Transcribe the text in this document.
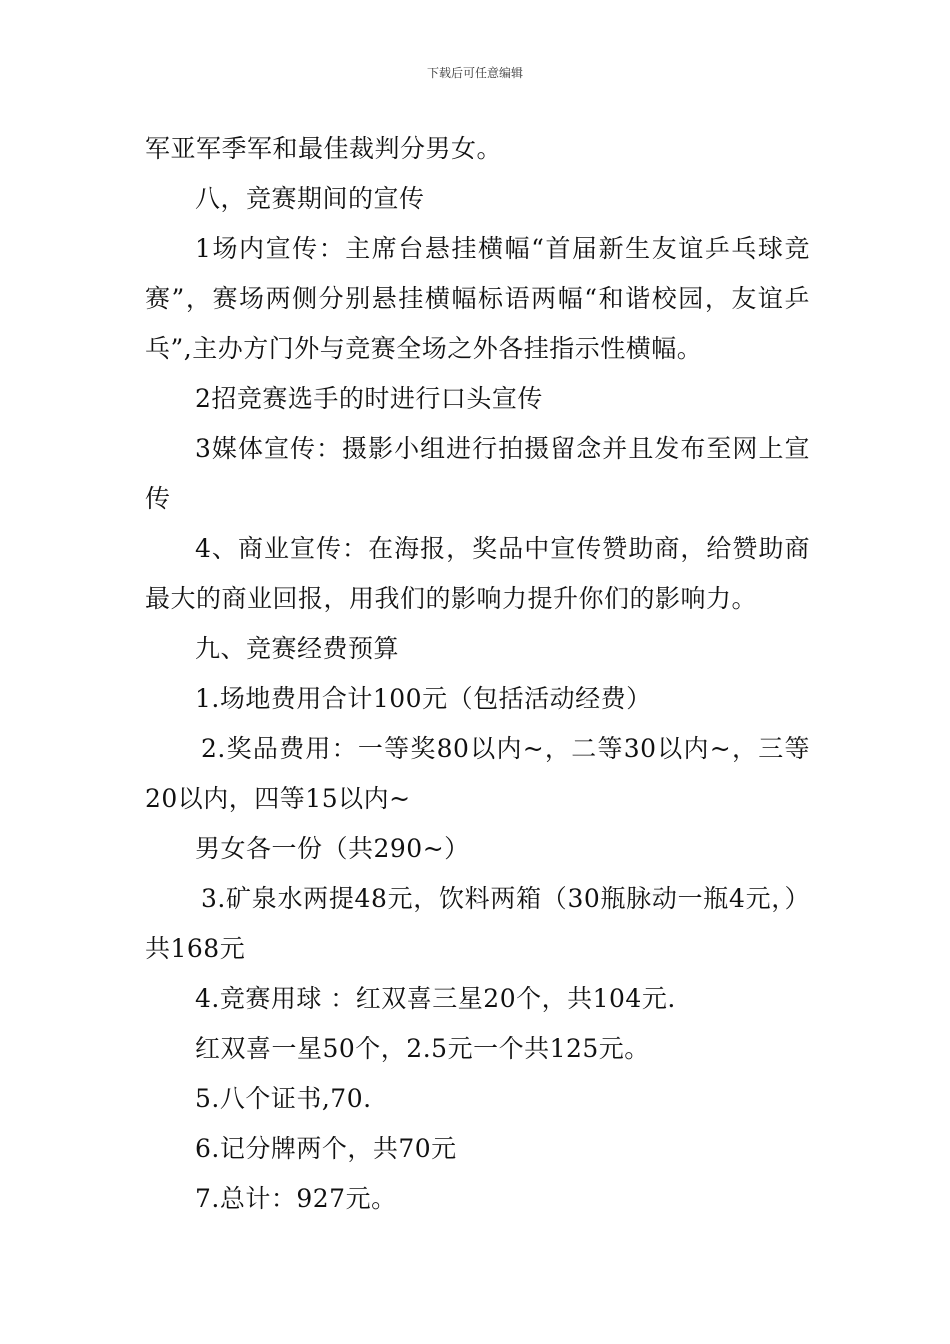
下载后可任意编辑

军亚军季军和最佳裁判分男女。

八，竞赛期间的宣传

1场内宣传：主席台悬挂横幅“首届新生友谊乒乓球竞赛”，赛场两侧分别悬挂横幅标语两幅“和谐校园，友谊乒乓”,主办方门外与竞赛全场之外各挂指示性横幅。

2招竞赛选手的时进行口头宣传

3媒体宣传：摄影小组进行拍摄留念并且发布至网上宣传

4、商业宣传：在海报，奖品中宣传赞助商，给赞助商最大的商业回报，用我们的影响力提升你们的影响力。

九、竞赛经费预算

1.场地费用合计100元（包括活动经费）

2.奖品费用：一等奖80以内~，二等30以内~，三等20以内，四等15以内~

男女各一份（共290~）

3.矿泉水两提48元，饮料两箱（30瓶脉动一瓶4元，）共168元

4.竞赛用球 ：红双喜三星20个，共104元.

红双喜一星50个，2.5元一个共125元。

5.八个证书,70.

6.记分牌两个，共70元

7.总计：927元。
